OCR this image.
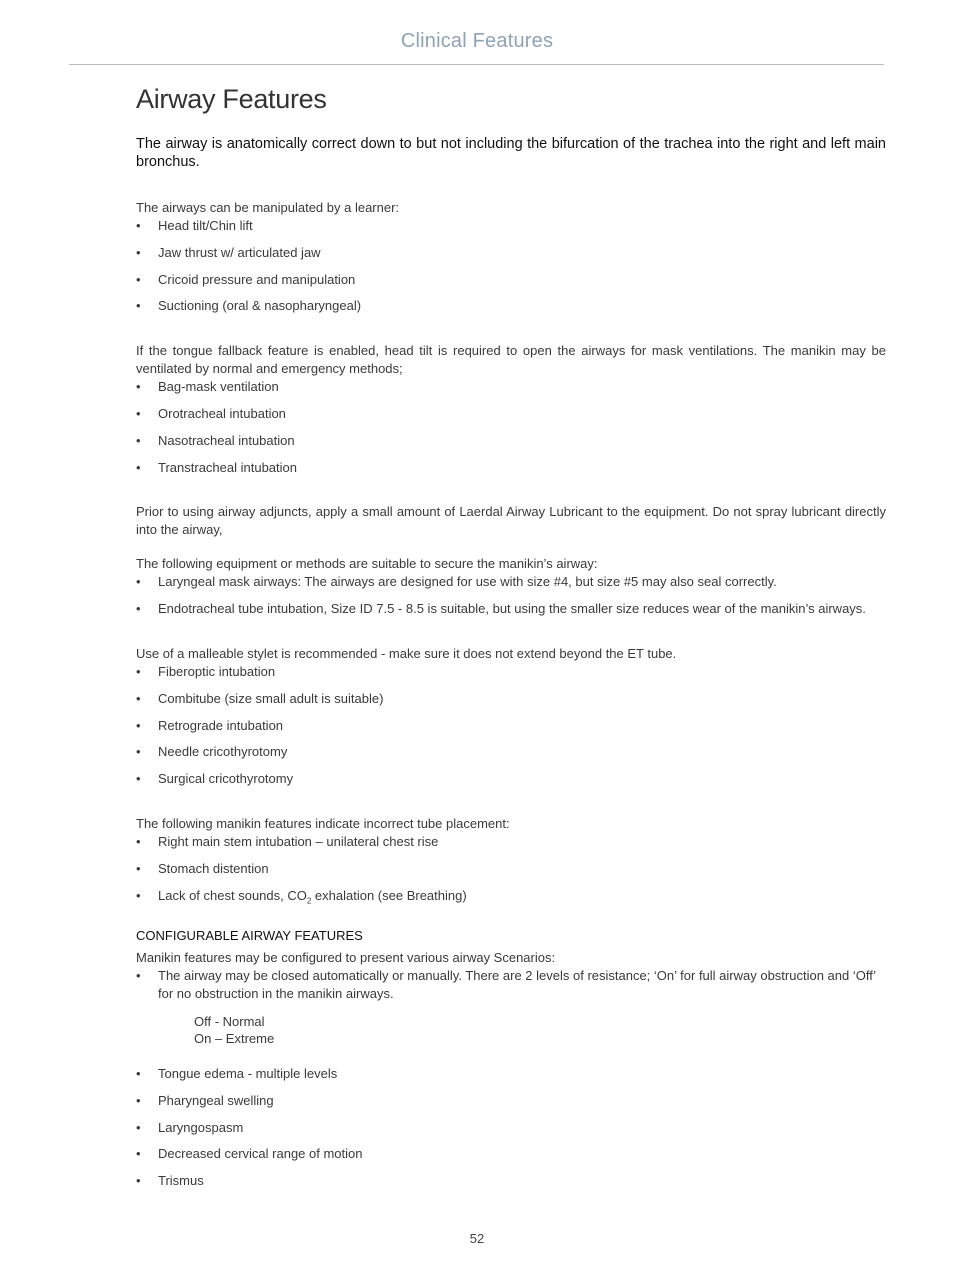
Clinical Features
Airway Features

The airway is anatomically correct down to but not including the bifurcation of the trachea into the right and left main bronchus.

The airways can be manipulated by a learner:

• Head tilt/Chin lift
• Jaw thrust w/ articulated jaw
• Cricoid pressure and manipulation
• Suctioning (oral & nasopharyngeal)

If the tongue fallback feature is enabled, head tilt is required to open the airways for mask ventilations. The manikin may be ventilated by normal and emergency methods;

• Bag-mask ventilation
• Orotracheal intubation
• Nasotracheal intubation
• Transtracheal intubation

Prior to using airway adjuncts, apply a small amount of Laerdal Airway Lubricant to the equipment. Do not spray lubricant directly into the airway,

The following equipment or methods are suitable to secure the manikin’s airway:

• Laryngeal mask airways: The airways are designed for use with size #4, but size #5 may also seal correctly.
• Endotracheal tube intubation, Size ID 7.5 - 8.5 is suitable, but using the smaller size reduces wear of the manikin’s airways.

Use of a malleable stylet is recommended - make sure it does not extend beyond the ET tube.

• Fiberoptic intubation
• Combitube (size small adult is suitable)
• Retrograde intubation
• Needle cricothyrotomy
• Surgical cricothyrotomy

The following manikin features indicate incorrect tube placement:

• Right main stem intubation – unilateral chest rise
• Stomach distention
• Lack of chest sounds, $CO_2$ exhalation (see Breathing)
CONFIGURABLE AIRWAY FEATURES

Manikin features may be configured to present various airway Scenarios:

• The airway may be closed automatically or manually. There are 2 levels of resistance; ‘On’ for full airway obstruction and ‘Off’ for no obstruction in the manikin airways.
Off - Normal
On – Extreme
• Tongue edema - multiple levels
• Pharyngeal swelling
• Laryngospasm
• Decreased cervical range of motion
• Trismus
52
